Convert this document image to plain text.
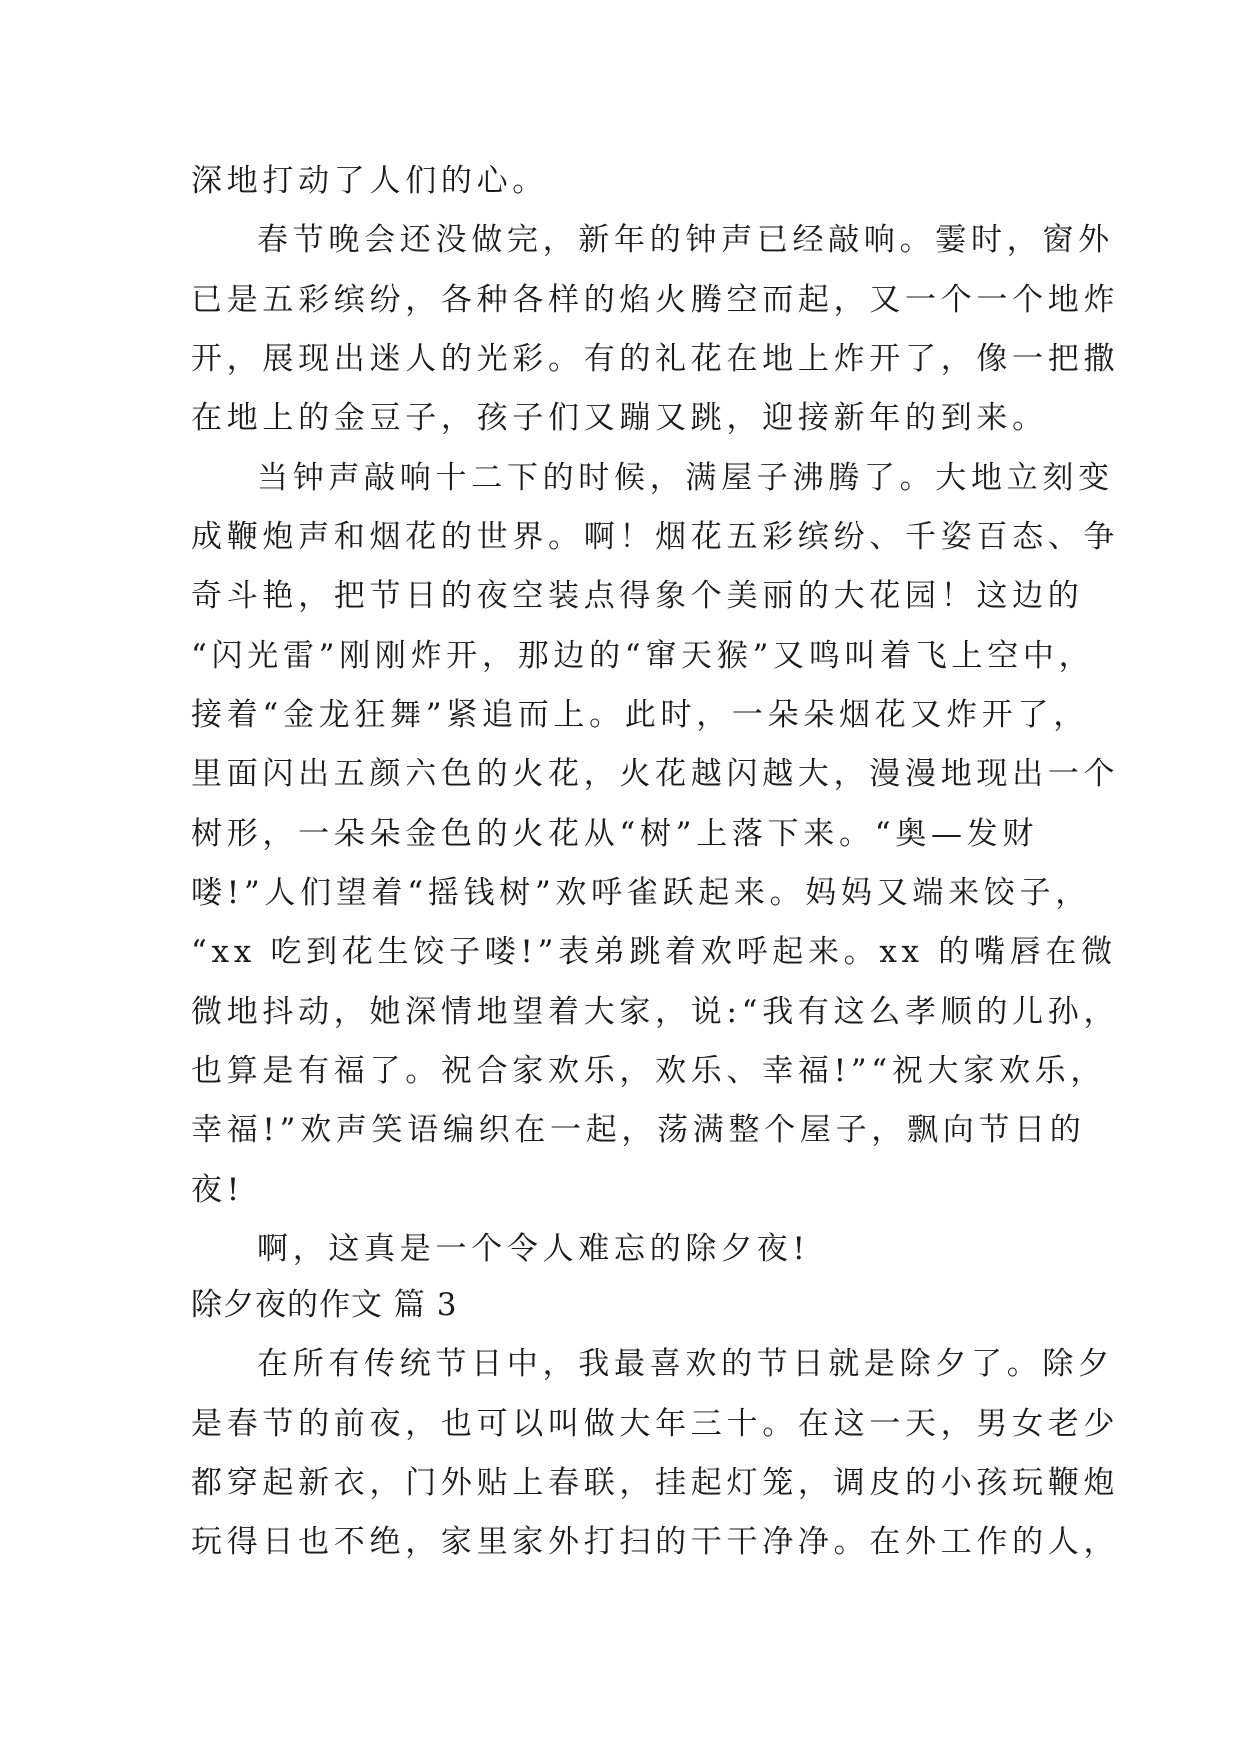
深地打动了人们的心。
春节晚会还没做完，新年的钟声已经敲响。霎时，窗外
已是五彩缤纷，各种各样的焰火腾空而起，又一个一个地炸
开，展现出迷人的光彩。有的礼花在地上炸开了，像一把撒
在地上的金豆子，孩子们又蹦又跳，迎接新年的到来。
当钟声敲响十二下的时候，满屋子沸腾了。大地立刻变
成鞭炮声和烟花的世界。啊！烟花五彩缤纷、千姿百态、争
奇斗艳，把节日的夜空装点得象个美丽的大花园！这边的
“闪光雷”刚刚炸开，那边的“窜天猴”又鸣叫着飞上空中，
接着“金龙狂舞”紧追而上。此时，一朵朵烟花又炸开了，
里面闪出五颜六色的火花，火花越闪越大，漫漫地现出一个
树形，一朵朵金色的火花从“树”上落下来。“奥—发财
喽!”人们望着“摇钱树”欢呼雀跃起来。妈妈又端来饺子，
“xx 吃到花生饺子喽!”表弟跳着欢呼起来。xx 的嘴唇在微
微地抖动，她深情地望着大家，说:“我有这么孝顺的儿孙，
也算是有福了。祝合家欢乐，欢乐、幸福!”“祝大家欢乐，
幸福!”欢声笑语编织在一起，荡满整个屋子，飘向节日的
夜!
啊，这真是一个令人难忘的除夕夜!
除夕夜的作文 篇 3
在所有传统节日中，我最喜欢的节日就是除夕了。除夕
是春节的前夜，也可以叫做大年三十。在这一天，男女老少
都穿起新衣，门外贴上春联，挂起灯笼，调皮的小孩玩鞭炮
玩得日也不绝，家里家外打扫的干干净净。在外工作的人，
